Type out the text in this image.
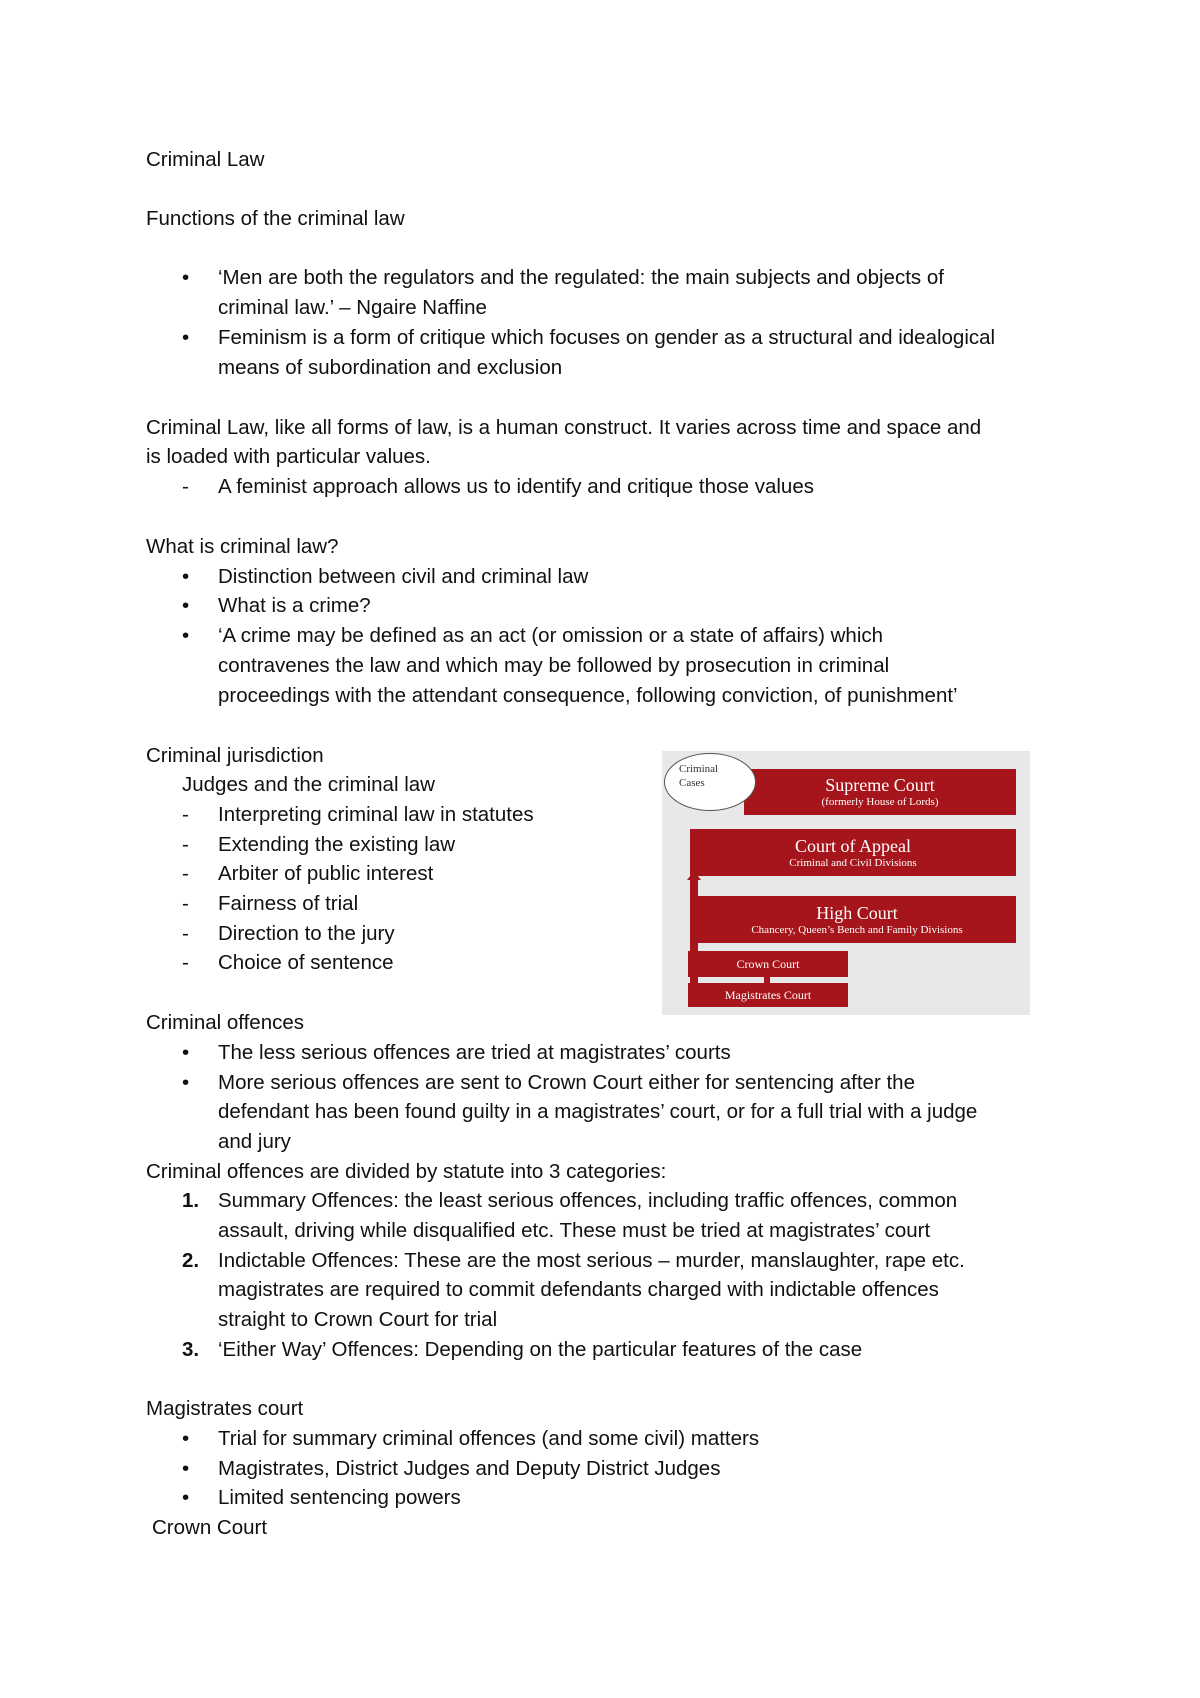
Criminal Law
Functions of the criminal law
•	‘Men are both the regulators and the regulated: the main subjects and objects of
criminal law.’ – Ngaire Naffine
•	Feminism is a form of critique which focuses on gender as a structural and idealogical
means of subordination and exclusion
Criminal Law, like all forms of law, is a human construct. It varies across time and space and
is loaded with particular values.
-	A feminist approach allows us to identify and critique those values
What is criminal law?
•	Distinction between civil and criminal law
•	What is a crime?
•	‘A crime may be defined as an act (or omission or a state of affairs) which
contravenes the law and which may be followed by prosecution in criminal
proceedings with the attendant consequence, following conviction, of punishment’
Criminal jurisdiction
Judges and the criminal law
-	Interpreting criminal law in statutes
-	Extending the existing law
-	Arbiter of public interest
-	Fairness of trial
-	Direction to the jury
-	Choice of sentence
Supreme Court
(formerly House of Lords)
Criminal
Cases
Court of Appeal
Criminal and Civil Divisions
High Court
Chancery, Queen’s Bench and Family Divisions
Crown Court
Magistrates Court
Criminal offences
•	The less serious offences are tried at magistrates’ courts
•	More serious offences are sent to Crown Court either for sentencing after the
defendant has been found guilty in a magistrates’ court, or for a full trial with a judge
and jury
Criminal offences are divided by statute into 3 categories:
1. Summary Offences: the least serious offences, including traffic offences, common
assault, driving while disqualified etc. These must be tried at magistrates’ court
2. Indictable Offences: These are the most serious – murder, manslaughter, rape etc.
magistrates are required to commit defendants charged with indictable offences
straight to Crown Court for trial
3. ‘Either Way’ Offences: Depending on the particular features of the case
Magistrates court
•	Trial for summary criminal offences (and some civil) matters
•	Magistrates, District Judges and Deputy District Judges
•	Limited sentencing powers
Crown Court
